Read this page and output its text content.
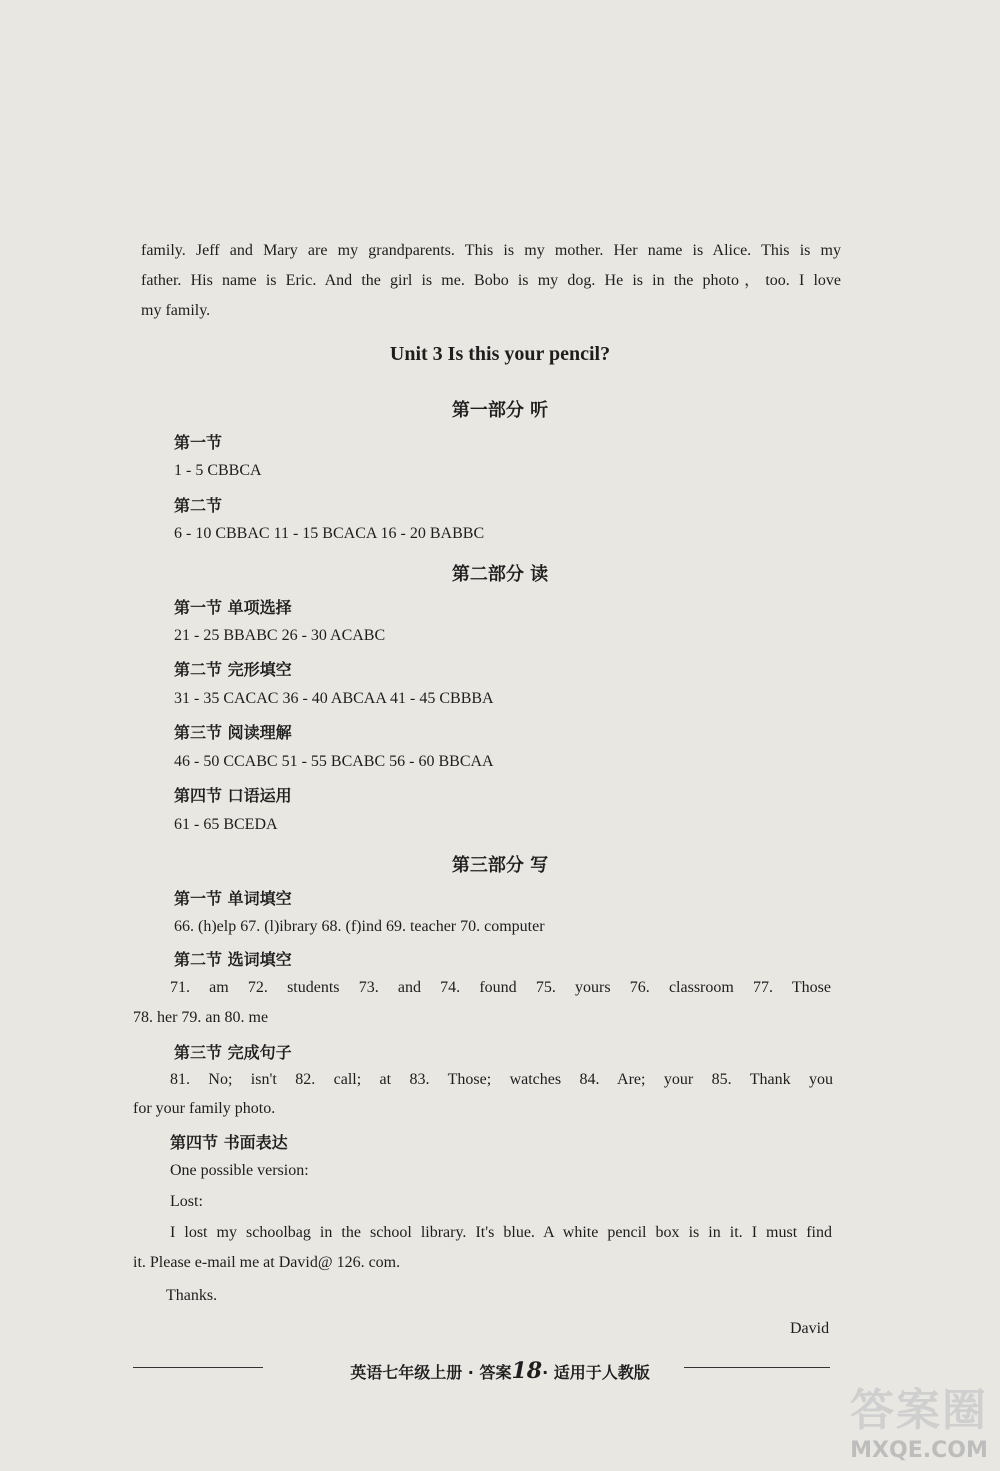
family. Jeff and Mary are my grandparents. This is my mother. Her name is Alice. This is my
father. His name is Eric. And the girl is me. Bobo is my dog. He is in the photo，too. I love
my family.
Unit 3 Is this your pencil?
第一部分 听
第一节
1 - 5 CBBCA
第二节
6 - 10 CBBAC 11 - 15 BCACA 16 - 20 BABBC
第二部分 读
第一节 单项选择
21 - 25 BBABC 26 - 30 ACABC
第二节 完形填空
31 - 35 CACAC 36 - 40 ABCAA 41 - 45 CBBBA
第三节 阅读理解
46 - 50 CCABC 51 - 55 BCABC 56 - 60 BBCAA
第四节 口语运用
61 - 65 BCEDA
第三部分 写
第一节 单词填空
66. (h)elp 67. (l)ibrary 68. (f)ind 69. teacher 70. computer
第二节 选词填空
71. am 72. students 73. and 74. found 75. yours 76. classroom 77. Those
78. her 79. an 80. me
第三节 完成句子
81. No; isn't 82. call; at 83. Those; watches 84. Are; your 85. Thank you
for your family photo.
第四节 书面表达
One possible version:
Lost:
I lost my schoolbag in the school library. It's blue. A white pencil box is in it. I must find
it. Please e-mail me at David@ 126. com.
Thanks.
David
英语七年级上册 · 答案18· 适用于人教版
答案圈
MXQE.COM
